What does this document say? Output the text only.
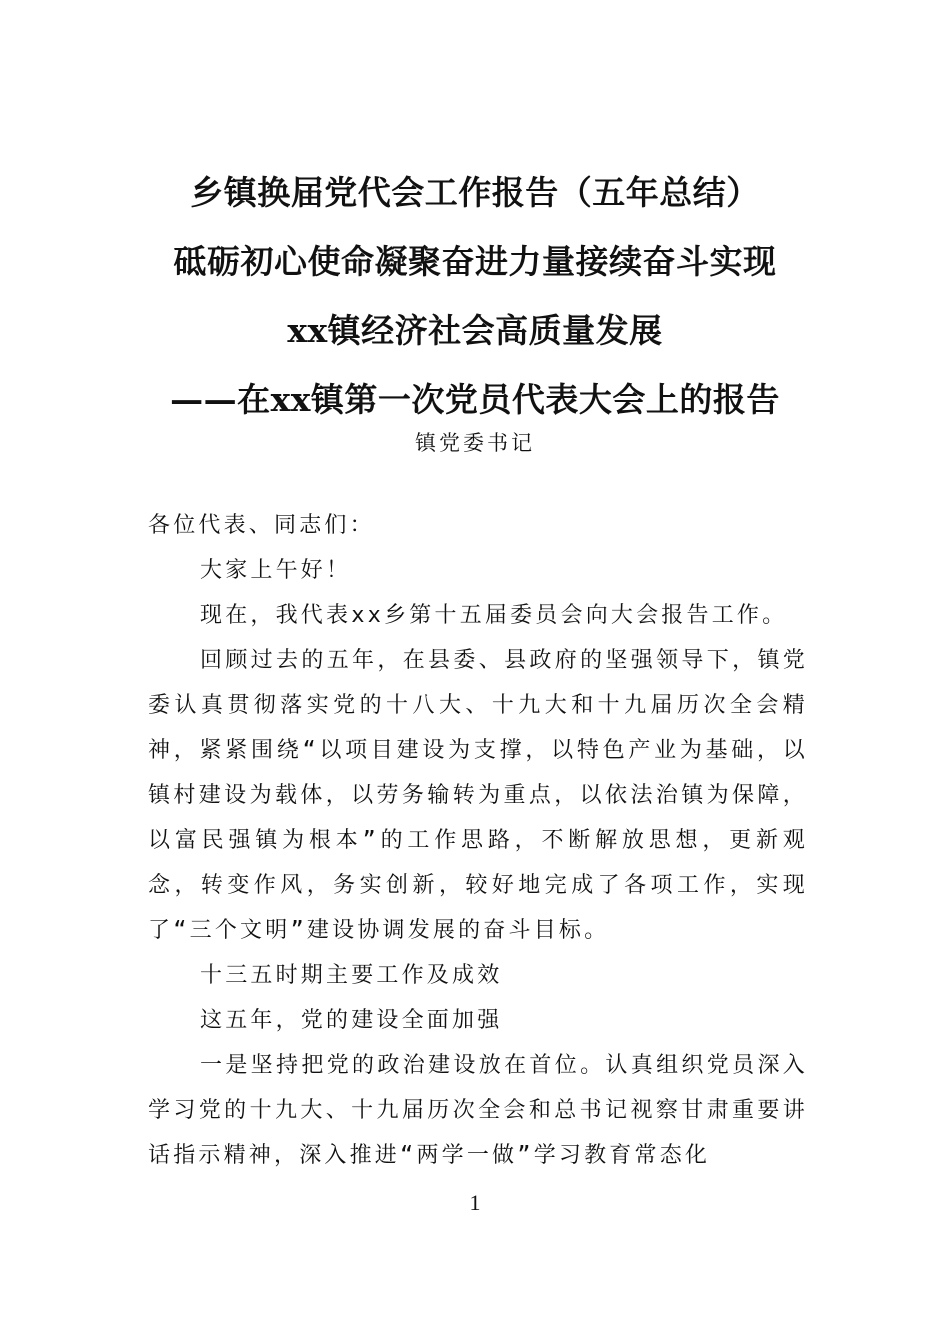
乡镇换届党代会工作报告（五年总结）
砥砺初心使命凝聚奋进力量接续奋斗实现
xx镇经济社会高质量发展
——在xx镇第一次党员代表大会上的报告
镇党委书记

各位代表、同志们：

大家上午好！

现在，我代表xx乡第十五届委员会向大会报告工作。

回顾过去的五年，在县委、县政府的坚强领导下，镇党委认真贯彻落实党的十八大、十九大和十九届历次全会精神，紧紧围绕“以项目建设为支撑，以特色产业为基础，以镇村建设为载体，以劳务输转为重点，以依法治镇为保障，以富民强镇为根本”的工作思路，不断解放思想，更新观念，转变作风，务实创新，较好地完成了各项工作，实现了“三个文明”建设协调发展的奋斗目标。

十三五时期主要工作及成效

这五年，党的建设全面加强

一是坚持把党的政治建设放在首位。认真组织党员深入学习党的十九大、十九届历次全会和总书记视察甘肃重要讲话指示精神，深入推进“两学一做”学习教育常态化

1
